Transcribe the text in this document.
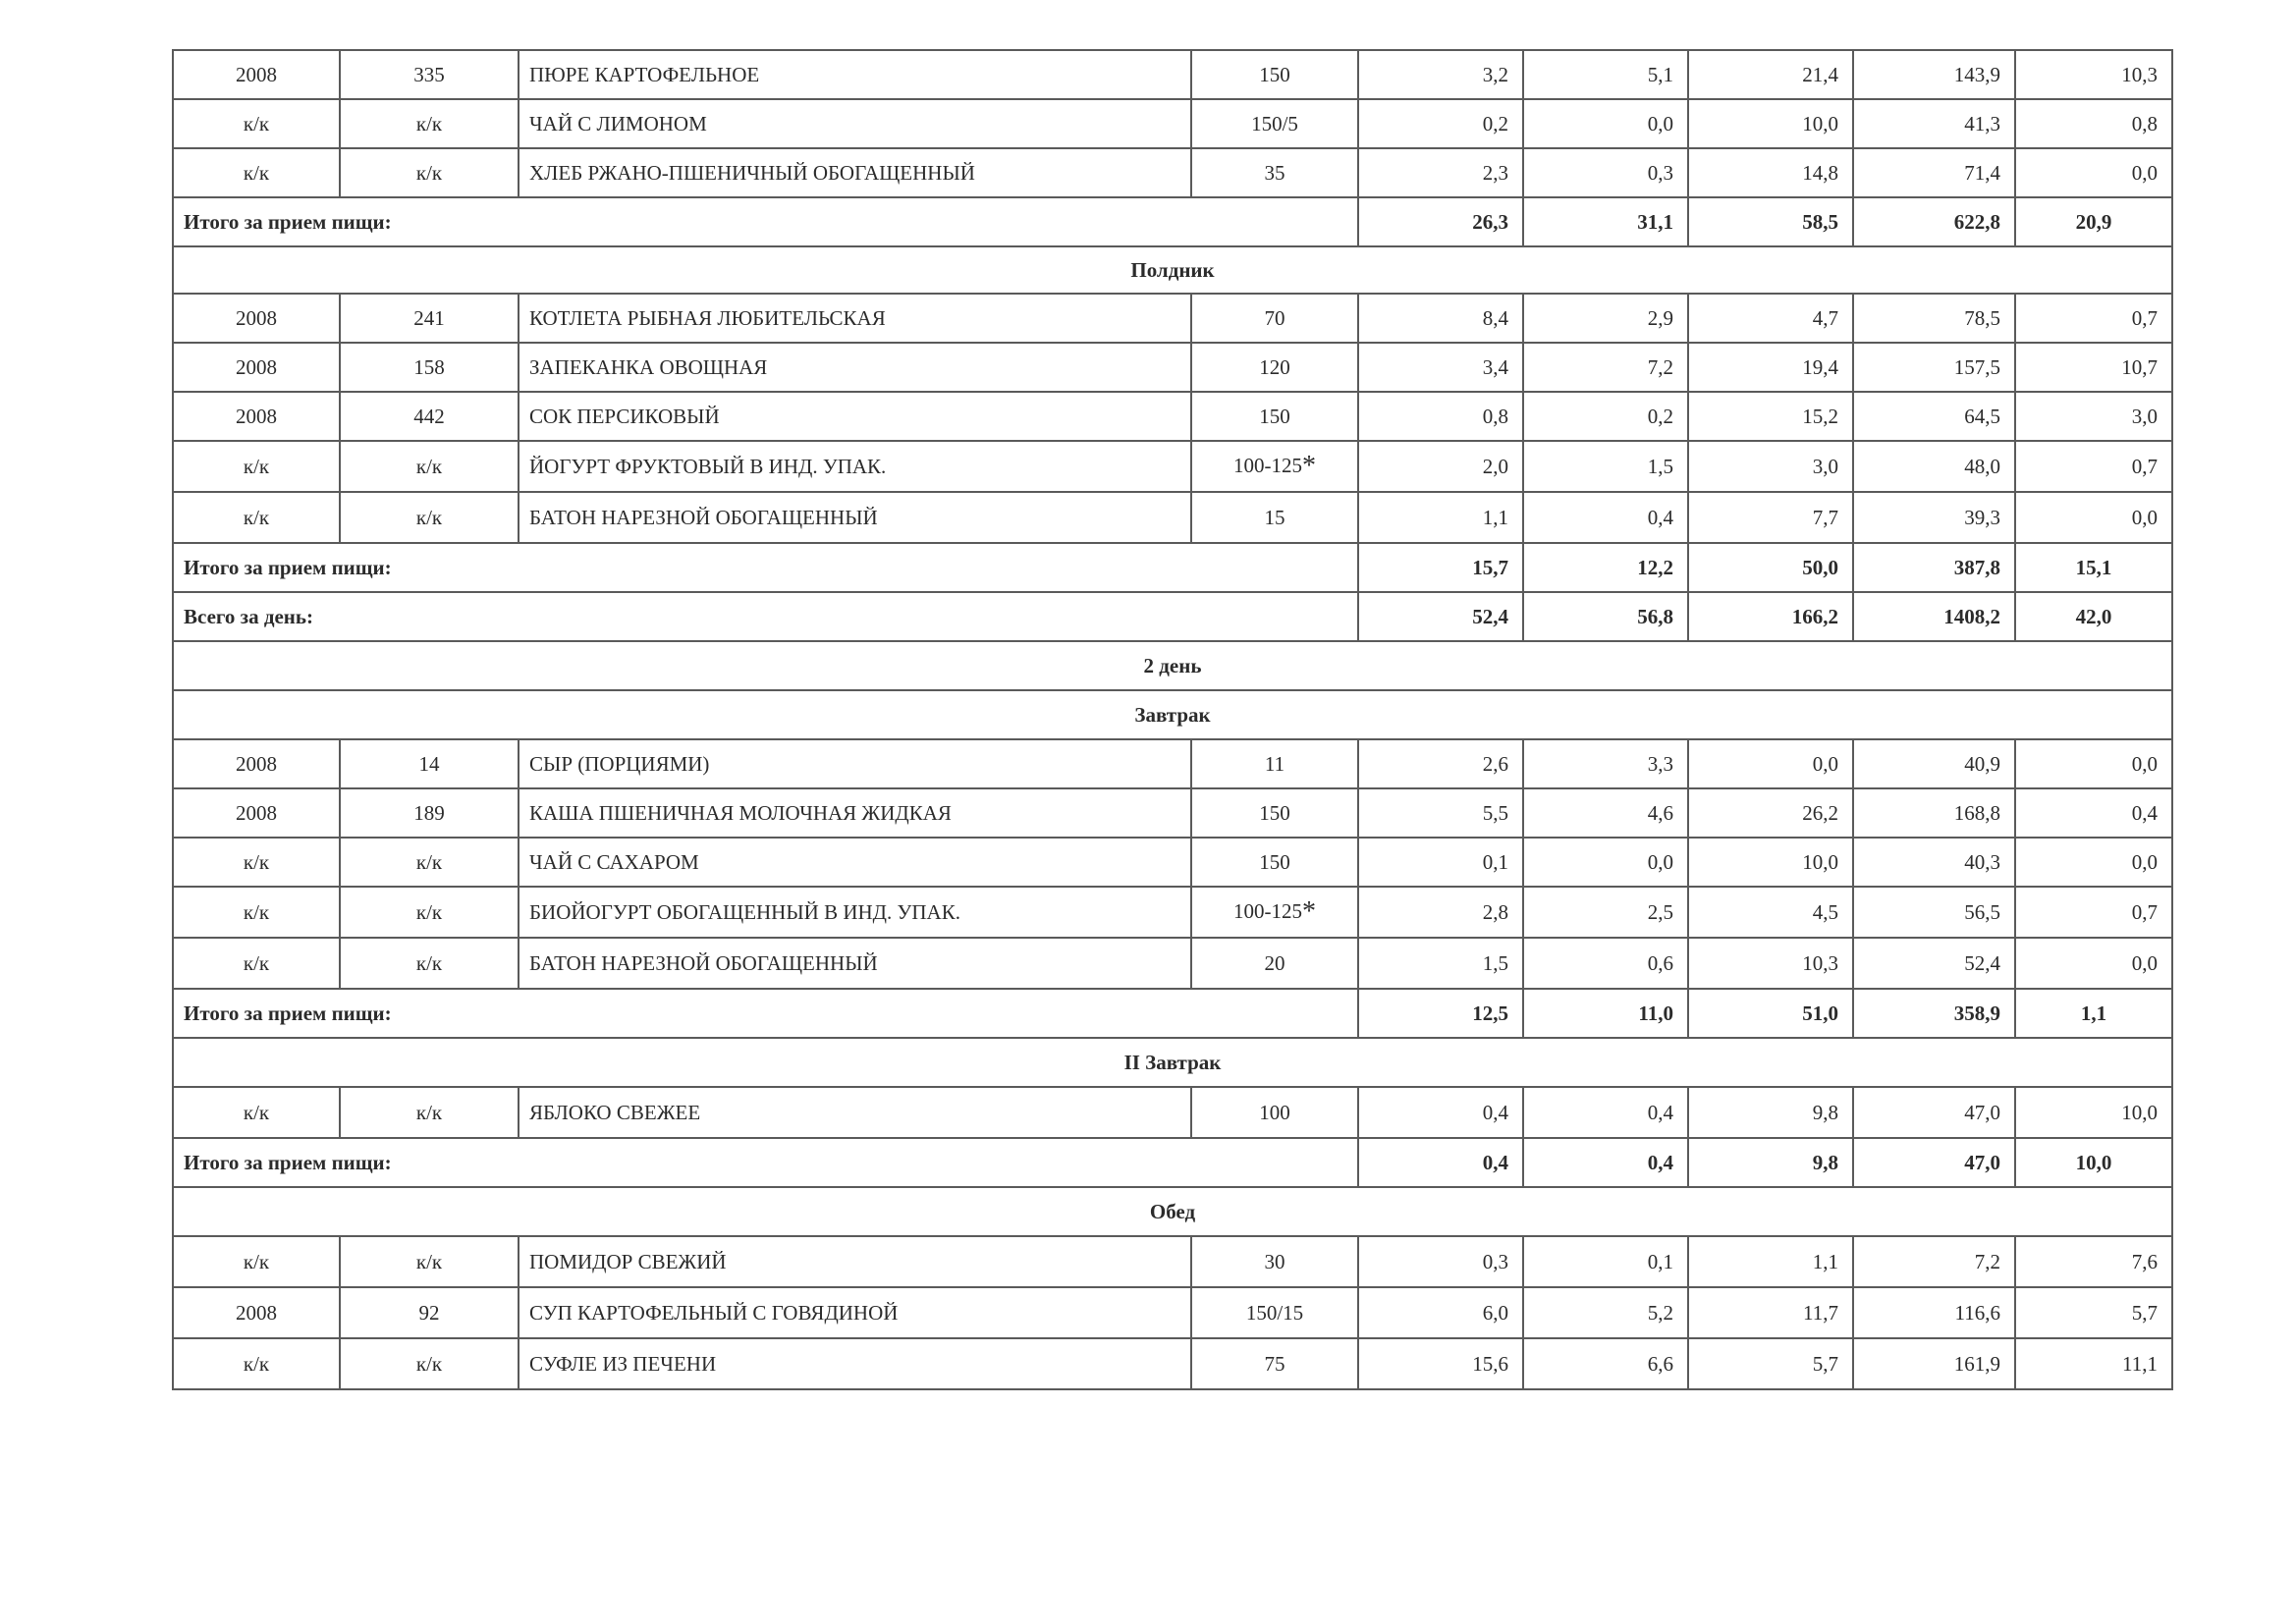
2008	335	ПЮРЕ КАРТОФЕЛЬНОЕ	150	3,2	5,1	21,4	143,9	10,3
к/к	к/к	ЧАЙ С ЛИМОНОМ	150/5	0,2	0,0	10,0	41,3	0,8
к/к	к/к	ХЛЕБ РЖАНО-ПШЕНИЧНЫЙ ОБОГАЩЕННЫЙ	35	2,3	0,3	14,8	71,4	0,0
Итого за прием пищи:				26,3	31,1	58,5	622,8	20,9
Полдник								
2008	241	КОТЛЕТА РЫБНАЯ ЛЮБИТЕЛЬСКАЯ	70	8,4	2,9	4,7	78,5	0,7
2008	158	ЗАПЕКАНКА ОВОЩНАЯ	120	3,4	7,2	19,4	157,5	10,7
2008	442	СОК ПЕРСИКОВЫЙ	150	0,8	0,2	15,2	64,5	3,0
к/к	к/к	ЙОГУРТ ФРУКТОВЫЙ В ИНД. УПАК.	100-125*	2,0	1,5	3,0	48,0	0,7
к/к	к/к	БАТОН НАРЕЗНОЙ ОБОГАЩЕННЫЙ	15	1,1	0,4	7,7	39,3	0,0
Итого за прием пищи:				15,7	12,2	50,0	387,8	15,1
Всего за день:				52,4	56,8	166,2	1408,2	42,0
2 день								
Завтрак								
2008	14	СЫР (ПОРЦИЯМИ)	11	2,6	3,3	0,0	40,9	0,0
2008	189	КАША ПШЕНИЧНАЯ МОЛОЧНАЯ ЖИДКАЯ	150	5,5	4,6	26,2	168,8	0,4
к/к	к/к	ЧАЙ С САХАРОМ	150	0,1	0,0	10,0	40,3	0,0
к/к	к/к	БИОЙОГУРТ ОБОГАЩЕННЫЙ В ИНД. УПАК.	100-125*	2,8	2,5	4,5	56,5	0,7
к/к	к/к	БАТОН НАРЕЗНОЙ ОБОГАЩЕННЫЙ	20	1,5	0,6	10,3	52,4	0,0
Итого за прием пищи:				12,5	11,0	51,0	358,9	1,1
II Завтрак								
к/к	к/к	ЯБЛОКО СВЕЖЕЕ	100	0,4	0,4	9,8	47,0	10,0
Итого за прием пищи:				0,4	0,4	9,8	47,0	10,0
Обед								
к/к	к/к	ПОМИДОР СВЕЖИЙ	30	0,3	0,1	1,1	7,2	7,6
2008	92	СУП КАРТОФЕЛЬНЫЙ С ГОВЯДИНОЙ	150/15	6,0	5,2	11,7	116,6	5,7
к/к	к/к	СУФЛЕ ИЗ ПЕЧЕНИ	75	15,6	6,6	5,7	161,9	11,1
